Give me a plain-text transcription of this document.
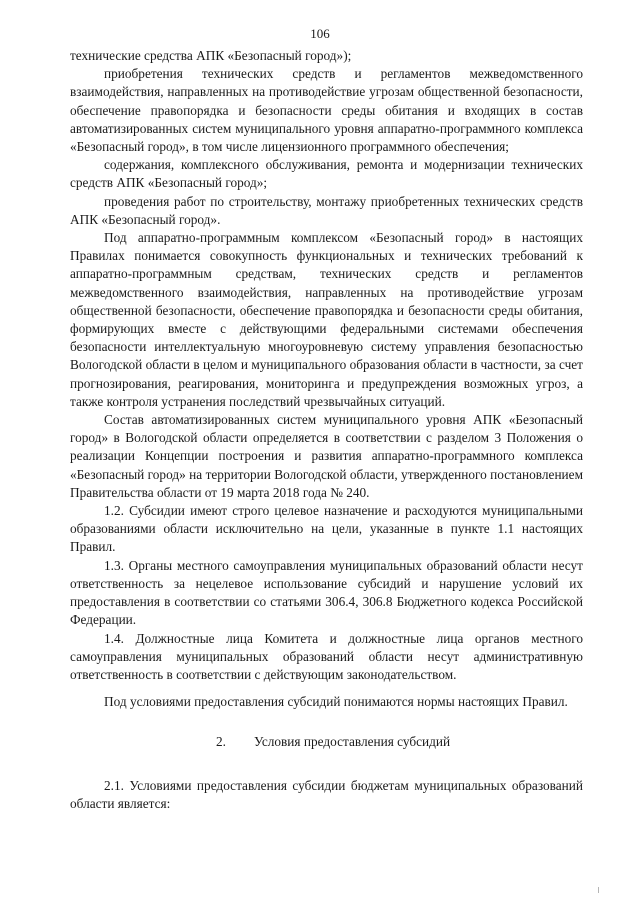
106

технические средства АПК «Безопасный город»);

приобретения технических средств и регламентов межведомственного взаимодействия, направленных на противодействие угрозам общественной безопасности, обеспечение правопорядка и безопасности среды обитания и входящих в состав автоматизированных систем муниципального уровня аппаратно-программного комплекса «Безопасный город», в том числе лицензионного программного обеспечения;

содержания, комплексного обслуживания, ремонта и модернизации технических средств АПК «Безопасный город»;

проведения работ по строительству, монтажу приобретенных технических средств АПК «Безопасный город».

Под аппаратно-программным комплексом «Безопасный город» в настоящих Правилах понимается совокупность функциональных и технических требований к аппаратно-программным средствам, технических средств и регламентов межведомственного взаимодействия, направленных на противодействие угрозам общественной безопасности, обеспечение правопорядка и безопасности среды обитания, формирующих вместе с действующими федеральными системами обеспечения безопасности интеллектуальную многоуровневую систему управления безопасностью Вологодской области в целом и муниципального образования области в частности, за счет прогнозирования, реагирования, мониторинга и предупреждения возможных угроз, а также контроля устранения последствий чрезвычайных ситуаций.

Состав автоматизированных систем муниципального уровня АПК «Безопасный город» в Вологодской области определяется в соответствии с разделом 3 Положения о реализации Концепции построения и развития аппаратно-программного комплекса «Безопасный город» на территории Вологодской области, утвержденного постановлением Правительства области от 19 марта 2018 года № 240.

1.2. Субсидии имеют строго целевое назначение и расходуются муниципальными образованиями области исключительно на цели, указанные в пункте 1.1 настоящих Правил.

1.3. Органы местного самоуправления муниципальных образований области несут ответственность за нецелевое использование субсидий и нарушение условий их предоставления в соответствии со статьями 306.4, 306.8 Бюджетного кодекса Российской Федерации.

1.4. Должностные лица Комитета и должностные лица органов местного самоуправления муниципальных образований области несут административную ответственность в соответствии с действующим законодательством.

Под условиями предоставления субсидий понимаются нормы настоящих Правил.

2. Условия предоставления субсидий

2.1. Условиями предоставления субсидии бюджетам муниципальных образований области является:
